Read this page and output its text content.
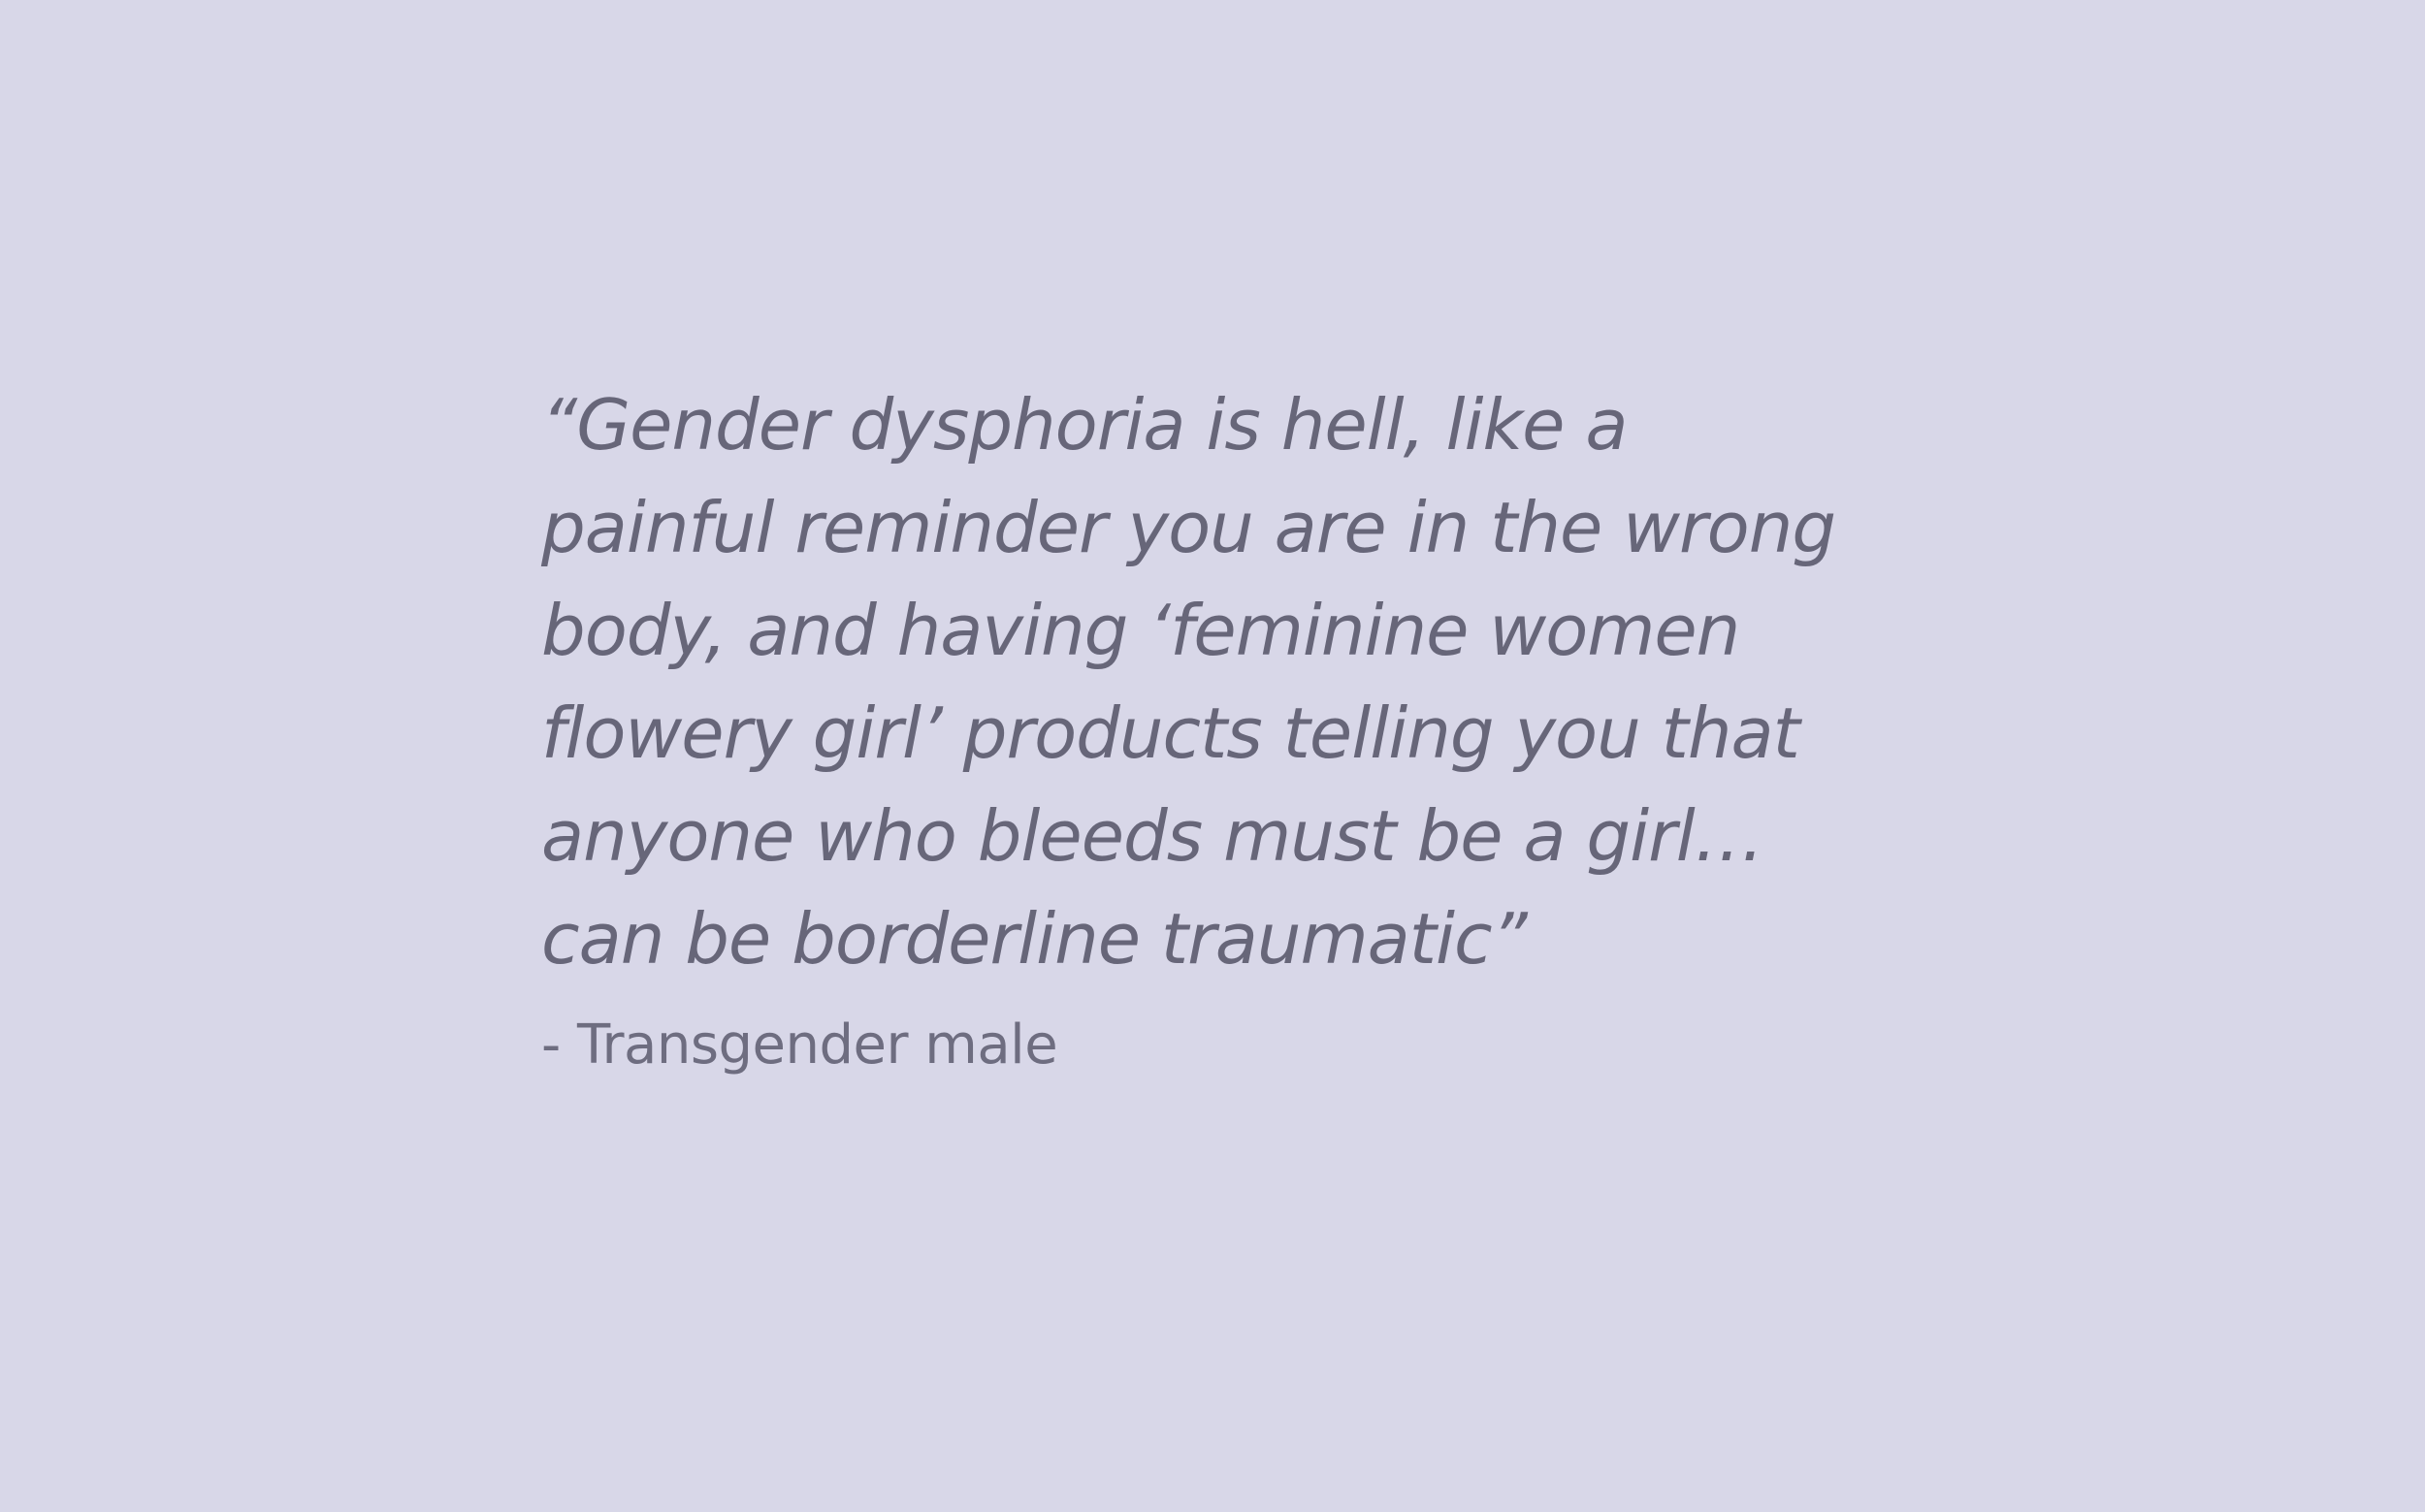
“Gender dysphoria is hell, like a
painful reminder you are in the wrong
body, and having ‘feminine women
flowery girl’ products telling you that
anyone who bleeds must be a girl…
can be borderline traumatic”
- Transgender male
